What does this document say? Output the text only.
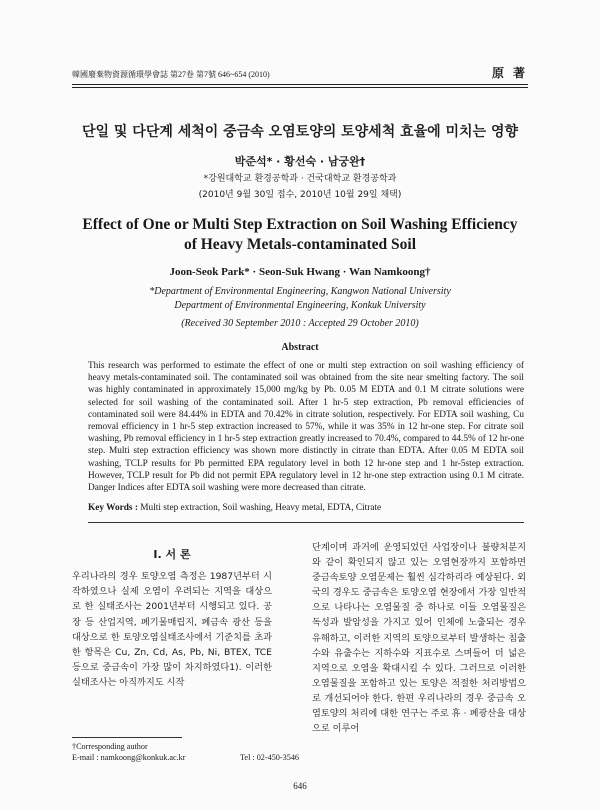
韓國廢棄物資源循環學會誌 第27卷 第7號 646~654 (2010)	原 著
단일 및 다단계 세척이 중금속 오염토양의 토양세척 효율에 미치는 영향
박준석* · 황선숙 · 남궁완†
*강원대학교 환경공학과 · 건국대학교 환경공학과
(2010년 9월 30일 접수, 2010년 10월 29일 채택)
Effect of One or Multi Step Extraction on Soil Washing Efficiency
of Heavy Metals-contaminated Soil
Joon-Seok Park* · Seon-Suk Hwang · Wan Namkoong†
*Department of Environmental Engineering, Kangwon National University
Department of Environmental Engineering, Konkuk University
(Received 30 September 2010 : Accepted 29 October 2010)
Abstract

This research was performed to estimate the effect of one or multi step extraction on soil washing efficiency of heavy metals-contaminated soil. The contaminated soil was obtained from the site near smelting factory. The soil was highly contaminated in approximately 15,000 mg/kg by Pb. 0.05 M EDTA and 0.1 M citrate solutions were selected for soil washing of the contaminated soil. After 1 hr-5 step extraction, Pb removal efficiencies of contaminated soil were 84.44% in EDTA and 70.42% in citrate solution, respectively. For EDTA soil washing, Cu removal efficiency in 1 hr-5 step extraction increased to 57%, while it was 35% in 12 hr-one step. For citrate soil washing, Pb removal efficiency in 1 hr-5 step extraction greatly increased to 70.4%, compared to 44.5% of 12 hr-one step. Multi step extraction efficiency was shown more distinctly in citrate than EDTA. After 0.05 M EDTA soil washing, TCLP results for Pb permitted EPA regulatory level in both 12 hr-one step and 1 hr-5step extraction. However, TCLP result for Pb did not permit EPA regulatory level in 12 hr-one step extraction using 0.1 M citrate. Danger Indices after EDTA soil washing were more decreased than citrate.

Key Words : Multi step extraction, Soil washing, Heavy metal, EDTA, Citrate
I. 서 론

우리나라의 경우 토양오염 측정은 1987년부터 시작하였으나 실제 오염이 우려되는 지역을 대상으로 한 실태조사는 2001년부터 시행되고 있다. 공장 등 산업지역, 폐기물매립지, 폐금속 광산 등을 대상으로 한 토양오염실태조사에서 기준치를 초과한 항목은 Cu, Zn, Cd, As, Pb, Ni, BTEX, TCE 등으로 중금속이 가장 많이 차지하였다1). 이러한 실태조사는 아직까지도 시작

단계이며 과거에 운영되었던 사업장이나 불량처분지와 같이 확인되지 않고 있는 오염현장까지 포함하면 중금속토양 오염문제는 훨씬 심각하리라 예상된다. 외국의 경우도 중금속은 토양오염 현장에서 가장 일반적으로 나타나는 오염물질 중 하나로 이들 오염물질은 독성과 발암성을 가지고 있어 인체에 노출되는 경우 유해하고, 이러한 지역의 토양으로부터 발생하는 침출수와 유출수는 지하수와 지표수로 스며들어 더 넓은 지역으로 오염을 확대시킬 수 있다. 그러므로 이러한 오염물질을 포함하고 있는 토양은 적절한 처리방법으로 개선되어야 한다. 한편 우리나라의 경우 중금속 오염토양의 처리에 대한 연구는 주로 휴 · 폐광산을 대상으로 이루어

†Corresponding author
E-mail : namkoong@konkuk.ac.kr	Tel : 02-450-3546
646
